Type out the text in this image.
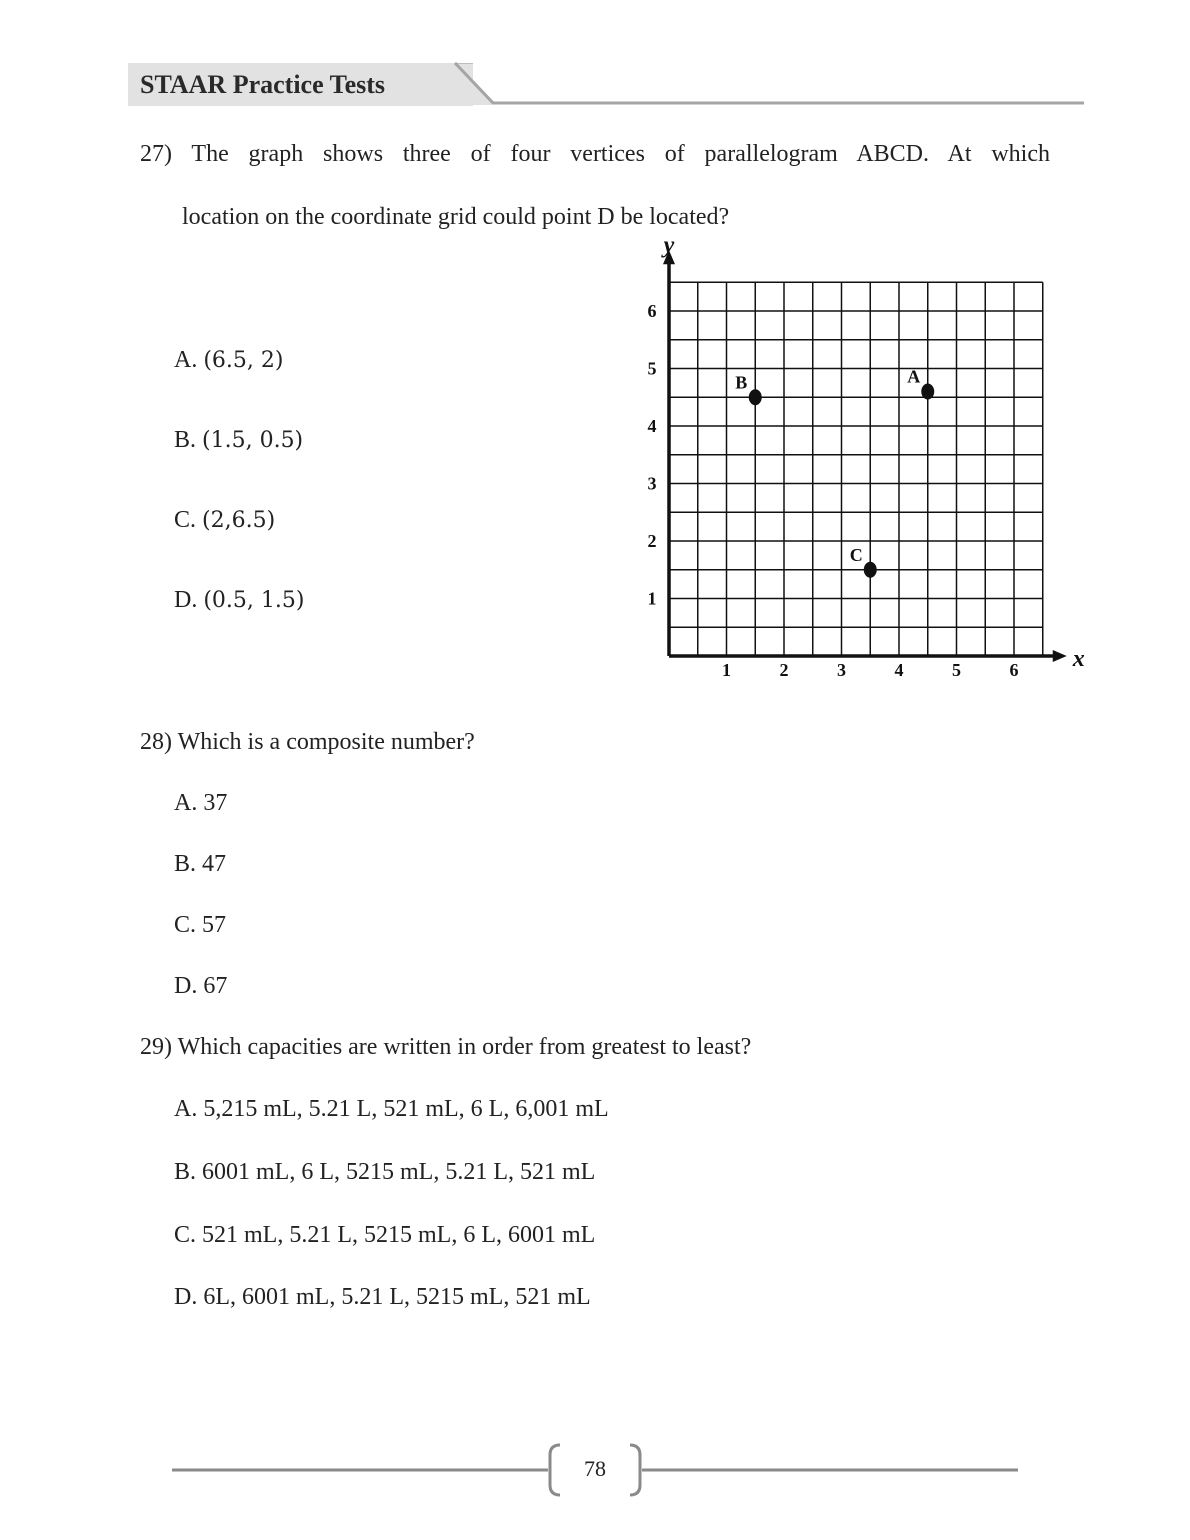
STAAR Practice Tests
27) The graph shows three of four vertices of parallelogram ABCD. At which
location on the coordinate grid could point D be located?
A. (6.5, 2)
B. (1.5, 0.5)
C. (2,6.5)
D. (0.5, 1.5)
x
y
1	2	3	4	5	6
1
2
3
4
5
6
A
B
C
28) Which is a composite number?
A. 37
B. 47
C. 57
D. 67
29) Which capacities are written in order from greatest to least?
A. 5,215 mL, 5.21 L, 521 mL, 6 L, 6,001 mL
B. 6001 mL, 6 L, 5215 mL, 5.21 L, 521 mL
C. 521 mL, 5.21 L, 5215 mL, 6 L, 6001 mL
D. 6L, 6001 mL, 5.21 L, 5215 mL, 521 mL
78
